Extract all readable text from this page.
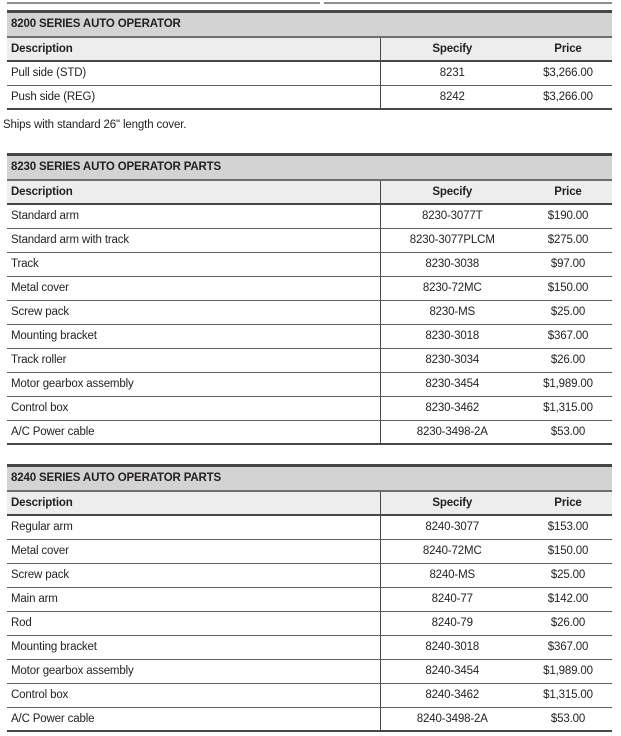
8200 SERIES AUTO OPERATOR
Description	Specify	Price
Pull side (STD)	8231	$3,266.00
Push side (REG)	8242	$3,266.00

Ships with standard 26" length cover.

8230 SERIES AUTO OPERATOR PARTS
Description	Specify	Price
Standard arm	8230-3077T	$190.00
Standard arm with track	8230-3077PLCM	$275.00
Track	8230-3038	$97.00
Metal cover	8230-72MC	$150.00
Screw pack	8230-MS	$25.00
Mounting bracket	8230-3018	$367.00
Track roller	8230-3034	$26.00
Motor gearbox assembly	8230-3454	$1,989.00
Control box	8230-3462	$1,315.00
A/C Power cable	8230-3498-2A	$53.00
8240 SERIES AUTO OPERATOR PARTS
Description	Specify	Price
Regular arm	8240-3077	$153.00
Metal cover	8240-72MC	$150.00
Screw pack	8240-MS	$25.00
Main arm	8240-77	$142.00
Rod	8240-79	$26.00
Mounting bracket	8240-3018	$367.00
Motor gearbox assembly	8240-3454	$1,989.00
Control box	8240-3462	$1,315.00
A/C Power cable	8240-3498-2A	$53.00
